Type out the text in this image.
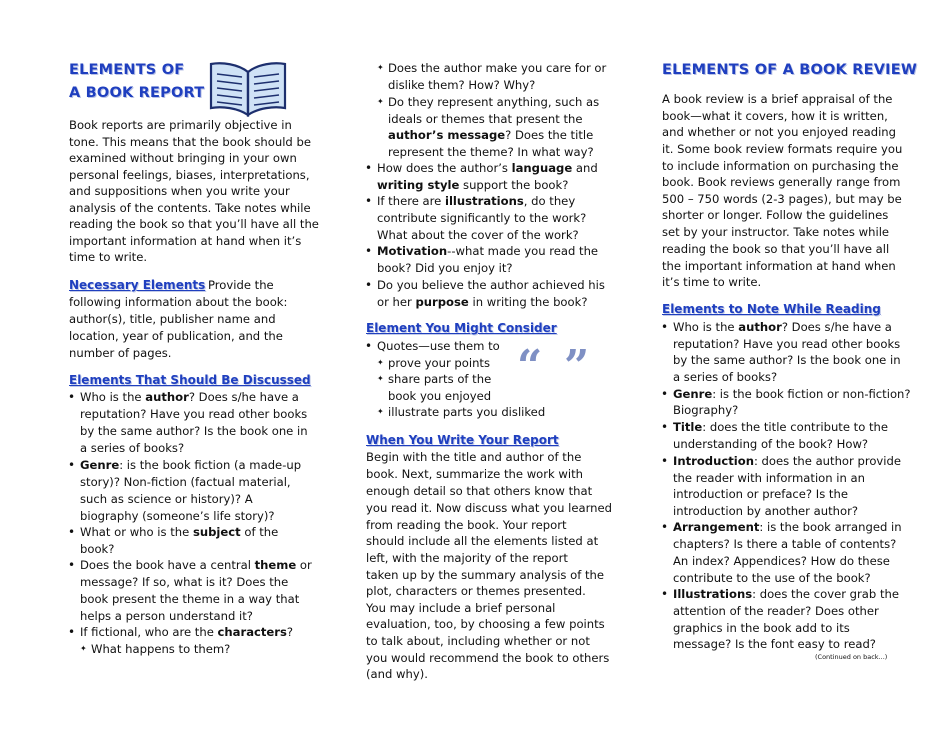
ELEMENTS OF
A BOOK REPORT
Book reports are primarily objective in
tone. This means that the book should be
examined without bringing in your own
personal feelings, biases, interpretations,
and suppositions when you write your
analysis of the contents. Take notes while
reading the book so that you’ll have all the
important information at hand when it’s
time to write.
Necessary Elements Provide the
following information about the book:
author(s), title, publisher name and
location, year of publication, and the
number of pages.
Elements That Should Be Discussed
• Who is the author? Does s/he have a
reputation? Have you read other books
by the same author? Is the book one in
a series of books?
• Genre: is the book fiction (a made-up
story)? Non-fiction (factual material,
such as science or history)? A
biography (someone’s life story)?
• What or who is the subject of the
book?
• Does the book have a central theme or
message? If so, what is it? Does the
book present the theme in a way that
helps a person understand it?
• If fictional, who are the characters?
✦ What happens to them?
✦ Does the author make you care for or
dislike them? How? Why?
✦ Do they represent anything, such as
ideals or themes that present the
author’s message? Does the title
represent the theme? In what way?
• How does the author’s language and
writing style support the book?
• If there are illustrations, do they
contribute significantly to the work?
What about the cover of the work?
• Motivation--what made you read the
book? Did you enjoy it?
• Do you believe the author achieved his
or her purpose in writing the book?
Element You Might Consider
• Quotes—use them to
✦ prove your points
✦ share parts of the
book you enjoyed
✦ illustrate parts you disliked
“ ”
When You Write Your Report
Begin with the title and author of the
book. Next, summarize the work with
enough detail so that others know that
you read it. Now discuss what you learned
from reading the book. Your report
should include all the elements listed at
left, with the majority of the report
taken up by the summary analysis of the
plot, characters or themes presented.
You may include a brief personal
evaluation, too, by choosing a few points
to talk about, including whether or not
you would recommend the book to others
(and why).
ELEMENTS OF A BOOK REVIEW
A book review is a brief appraisal of the
book—what it covers, how it is written,
and whether or not you enjoyed reading
it. Some book review formats require you
to include information on purchasing the
book. Book reviews generally range from
500 – 750 words (2-3 pages), but may be
shorter or longer. Follow the guidelines
set by your instructor. Take notes while
reading the book so that you’ll have all
the important information at hand when
it’s time to write.
Elements to Note While Reading
• Who is the author? Does s/he have a
reputation? Have you read other books
by the same author? Is the book one in
a series of books?
• Genre: is the book fiction or non-fiction?
Biography?
• Title: does the title contribute to the
understanding of the book? How?
• Introduction: does the author provide
the reader with information in an
introduction or preface? Is the
introduction by another author?
• Arrangement: is the book arranged in
chapters? Is there a table of contents?
An index? Appendices? How do these
contribute to the use of the book?
• Illustrations: does the cover grab the
attention of the reader? Does other
graphics in the book add to its
message? Is the font easy to read?
(Continued on back...)
